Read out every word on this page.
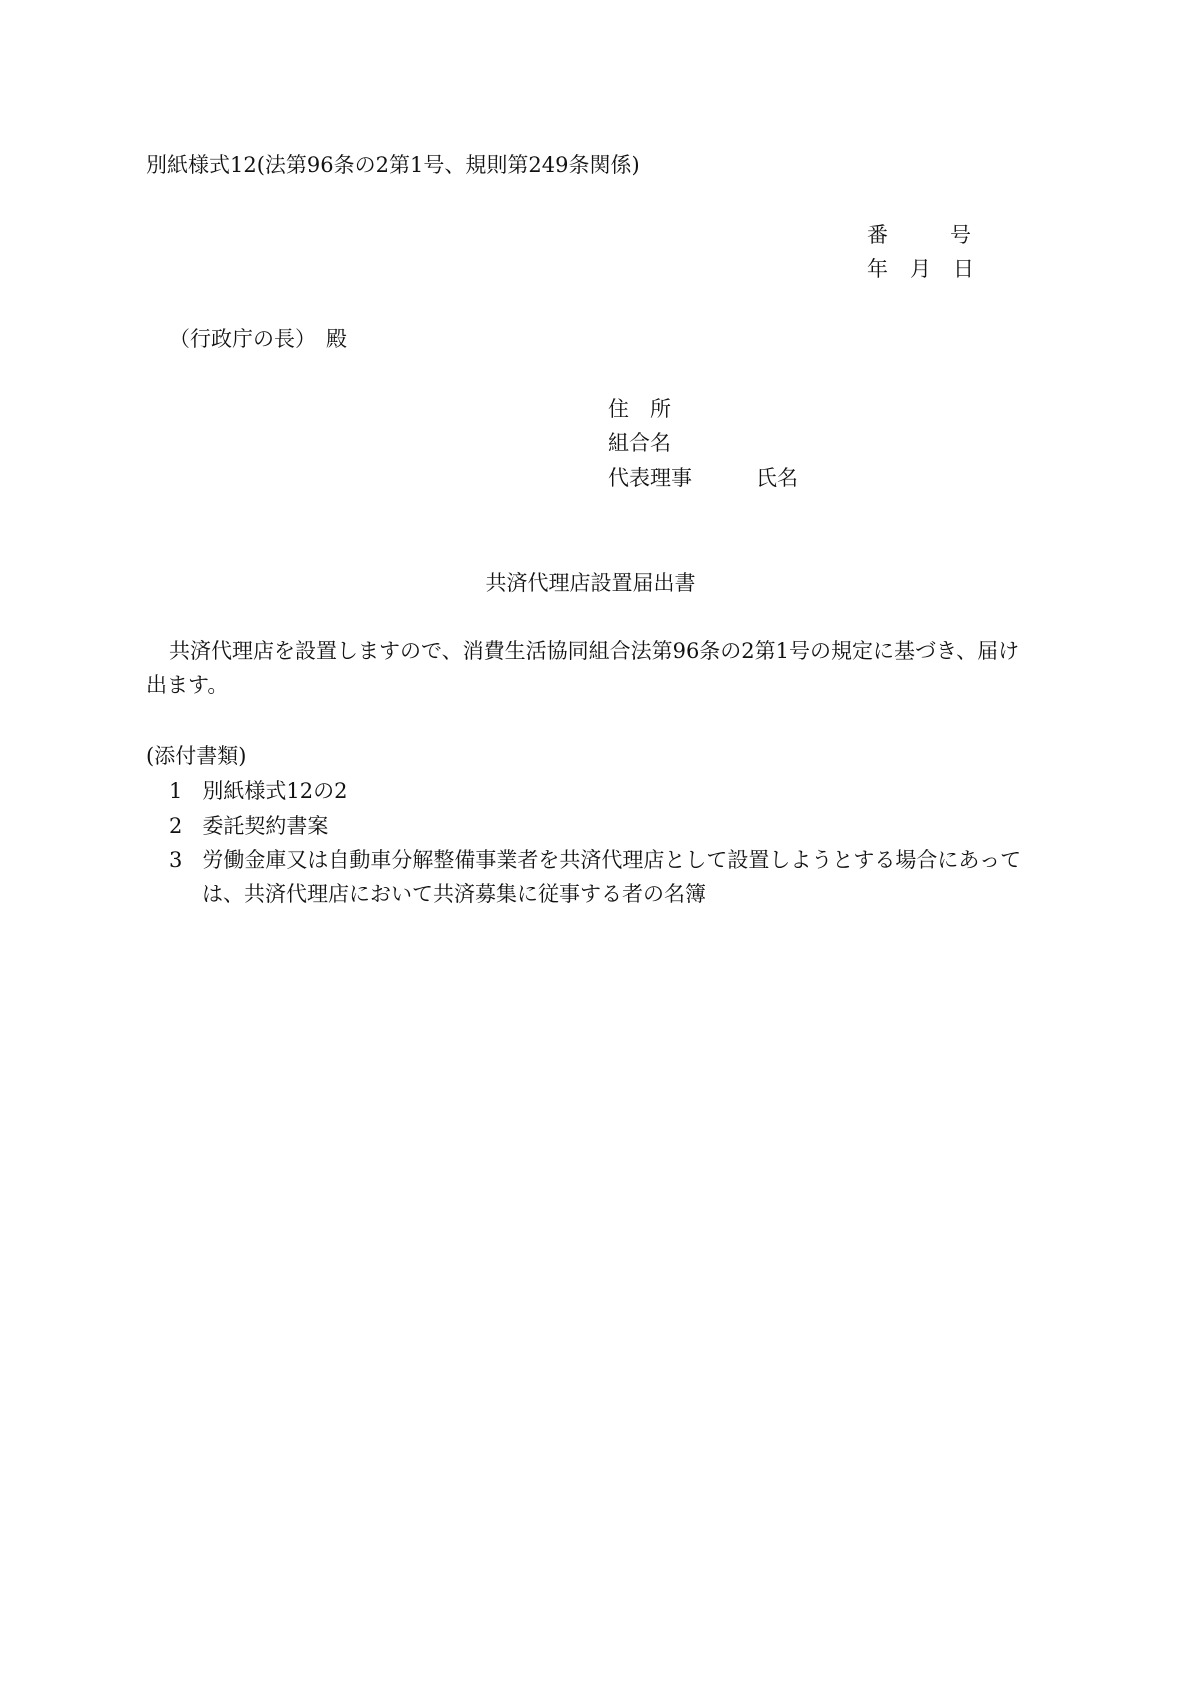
別紙様式12(法第96条の2第1号、規則第249条関係)

番	号
年 月 日
（行政庁の長） 殿
住 所
組合名
代表理事	氏名
共済代理店設置届出書

共済代理店を設置しますので、消費生活協同組合法第96条の2第1号の規定に基づき、届け出ます。

(添付書類)
1 別紙様式12の2
2 委託契約書案
3 労働金庫又は自動車分解整備事業者を共済代理店として設置しようとする場合にあっては、共済代理店において共済募集に従事する者の名簿
